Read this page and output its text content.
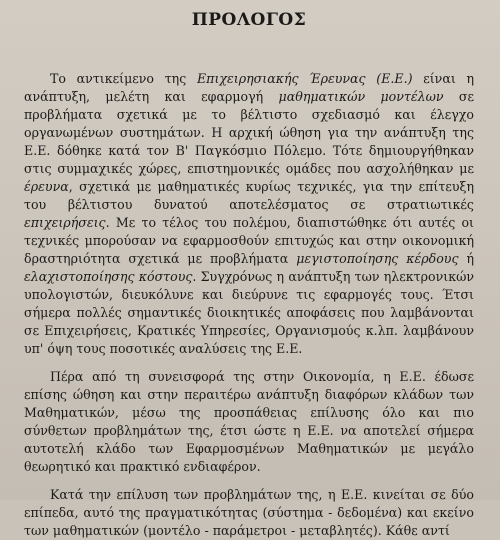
ΠΡΟΛΟΓΟΣ

Το αντικείμενο της Επιχειρησιακής Έρευνας (Ε.Ε.) είναι η ανάπτυξη, μελέτη και εφαρμογή μαθηματικών μοντέλων σε προβλήματα σχετικά με το βέλτιστο σχεδιασμό και έλεγχο οργανωμένων συστημάτων. Η αρχική ώθηση για την ανάπτυξη της Ε.Ε. δόθηκε κατά τον Β' Παγκόσμιο Πόλεμο. Τότε δημιουργήθηκαν στις συμμαχικές χώρες, επιστημονικές ομάδες που ασχολήθηκαν με έρευνα, σχετικά με μαθηματικές κυρίως τεχνικές, για την επίτευξη του βέλτιστου δυνατού αποτελέσματος σε στρατιωτικές επιχειρήσεις. Με το τέλος του πολέμου, διαπιστώθηκε ότι αυτές οι τεχνικές μπορούσαν να εφαρμοσθούν επιτυχώς και στην οικονομική δραστηριότητα σχετικά με προβλήματα μεγιστοποίησης κέρδους ή ελαχιστοποίησης κόστους. Συγχρόνως η ανάπτυξη των ηλεκτρονικών υπολογιστών, διευκόλυνε και διεύρυνε τις εφαρμογές τους. Έτσι σήμερα πολλές σημαντικές διοικητικές αποφάσεις που λαμβάνονται σε Επιχειρήσεις, Κρατικές Υπηρεσίες, Οργανισμούς κ.λπ. λαμβάνουν υπ' όψη τους ποσοτικές αναλύσεις της Ε.Ε.

Πέρα από τη συνεισφορά της στην Οικονομία, η Ε.Ε. έδωσε επίσης ώθηση και στην περαιτέρω ανάπτυξη διαφόρων κλάδων των Μαθηματικών, μέσω της προσπάθειας επίλυσης όλο και πιο σύνθετων προβλημάτων της, έτσι ώστε η Ε.Ε. να αποτελεί σήμερα αυτοτελή κλάδο των Εφαρμοσμένων Μαθηματικών με μεγάλο θεωρητικό και πρακτικό ενδιαφέρον.

Κατά την επίλυση των προβλημάτων της, η Ε.Ε. κινείται σε δύο επίπεδα, αυτό της πραγματικότητας (σύστημα - δεδομένα) και εκείνο των μαθηματικών (μοντέλο - παράμετροι - μεταβλητές). Κάθε αντί
